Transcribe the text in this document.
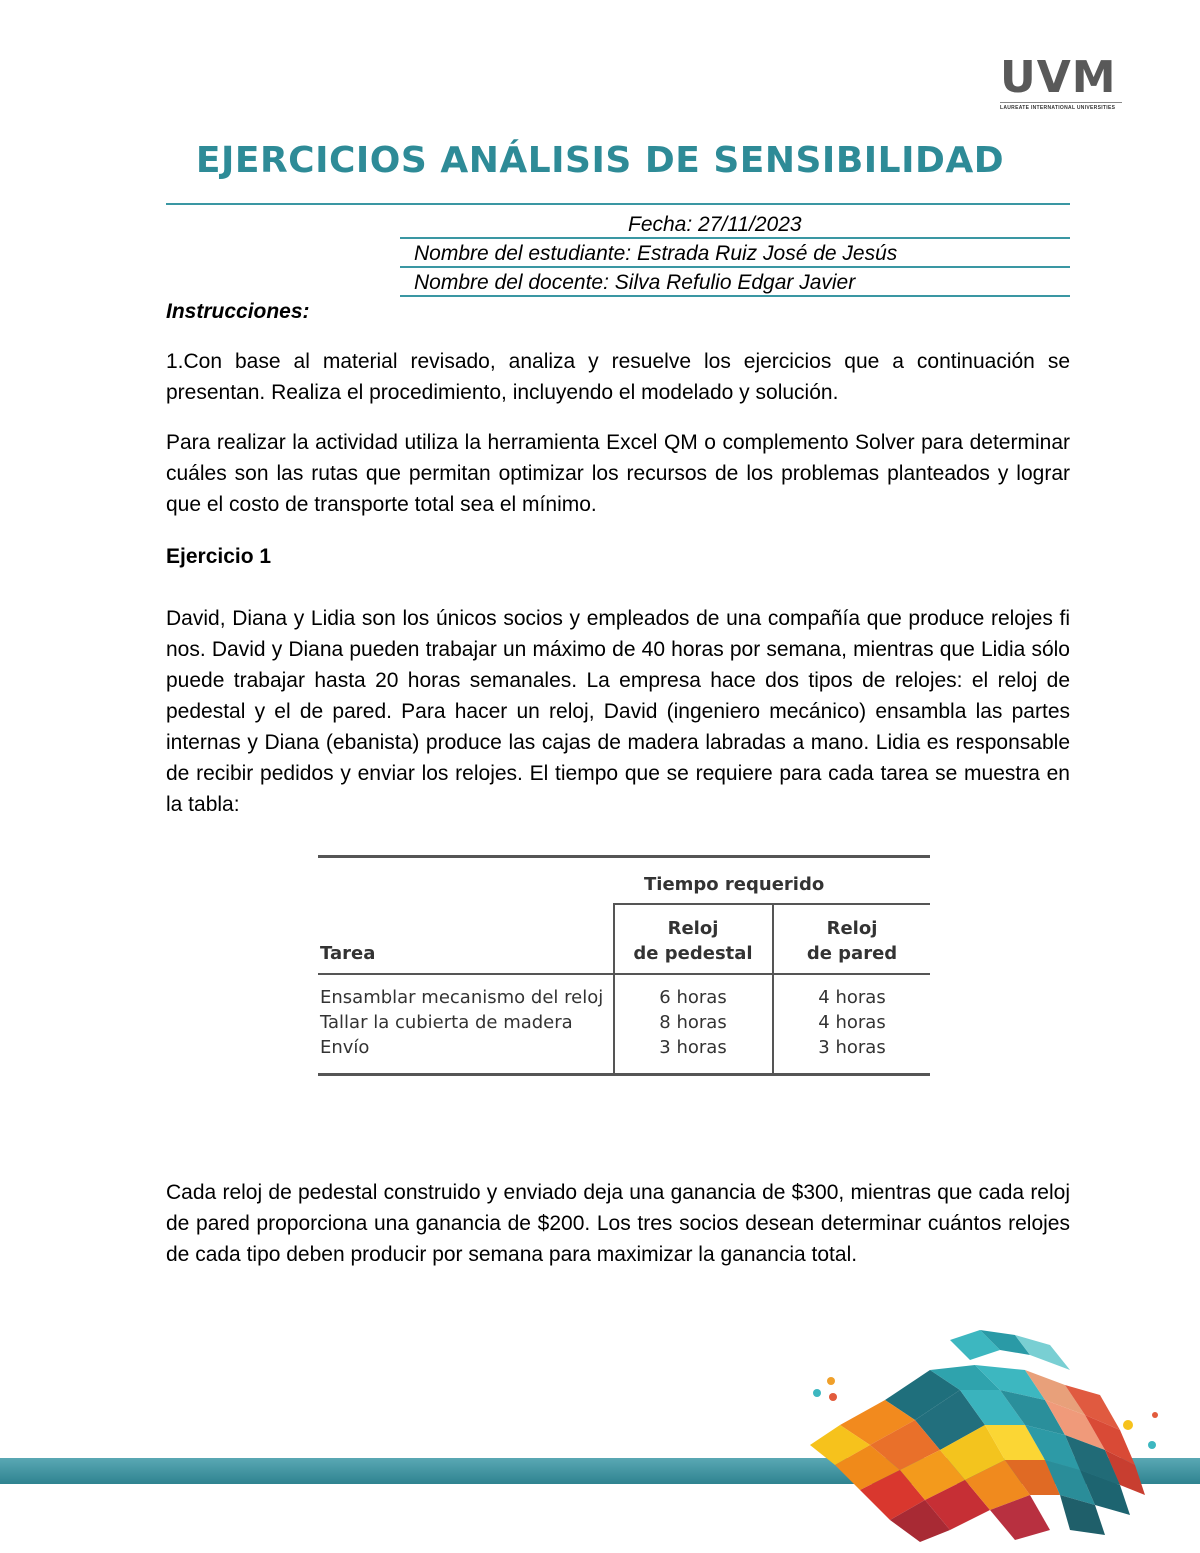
UVM
LAUREATE INTERNATIONAL UNIVERSITIES
EJERCICIOS ANÁLISIS DE SENSIBILIDAD
Fecha: 27/11/2023
Nombre del estudiante: Estrada Ruiz José de Jesús
Nombre del docente: Silva Refulio Edgar Javier
Instrucciones:

1.Con base al material revisado, analiza y resuelve los ejercicios que a continuación se presentan. Realiza el procedimiento, incluyendo el modelado y solución.

Para realizar la actividad utiliza la herramienta Excel QM o complemento Solver para determinar cuáles son las rutas que permitan optimizar los recursos de los problemas planteados y lograr que el costo de transporte total sea el mínimo.

Ejercicio 1

David, Diana y Lidia son los únicos socios y empleados de una compañía que produce relojes fi nos. David y Diana pueden trabajar un máximo de 40 horas por semana, mientras que Lidia sólo puede trabajar hasta 20 horas semanales. La empresa hace dos tipos de relojes: el reloj de pedestal y el de pared. Para hacer un reloj, David (ingeniero mecánico) ensambla las partes internas y Diana (ebanista) produce las cajas de madera labradas a mano. Lidia es responsable de recibir pedidos y enviar los relojes. El tiempo que se requiere para cada tarea se muestra en la tabla:

Tiempo requerido
Reloj
de pedestal
Reloj
de pared
Tarea
Ensamblar mecanismo del reloj	6 horas	4 horas
Tallar la cubierta de madera	8 horas	4 horas
Envío	3 horas	3 horas

Cada reloj de pedestal construido y enviado deja una ganancia de $300, mientras que cada reloj de pared proporciona una ganancia de $200. Los tres socios desean determinar cuántos relojes de cada tipo deben producir por semana para maximizar la ganancia total.
